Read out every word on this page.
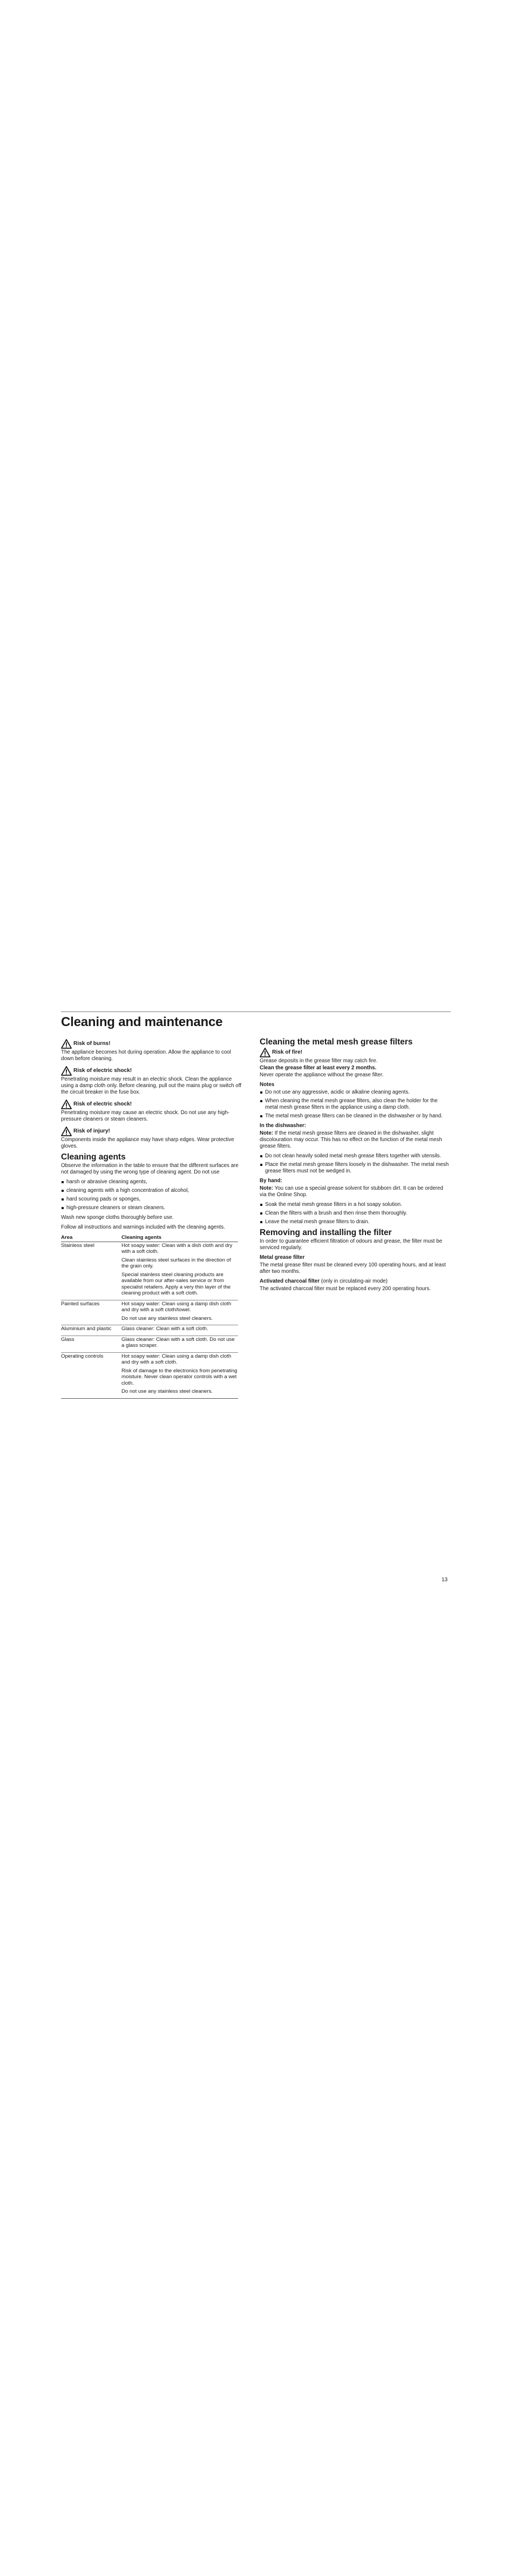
Cleaning and maintenance
Risk of burns!

The appliance becomes hot during operation. Allow the appliance to cool down before cleaning.

Risk of electric shock!

Penetrating moisture may result in an electric shock. Clean the appliance using a damp cloth only. Before cleaning, pull out the mains plug or switch off the circuit breaker in the fuse box.

Risk of electric shock!

Penetrating moisture may cause an electric shock. Do not use any high-pressure cleaners or steam cleaners.

Risk of injury!

Components inside the appliance may have sharp edges. Wear protective gloves.

Cleaning agents

Observe the information in the table to ensure that the different surfaces are not damaged by using the wrong type of cleaning agent. Do not use

harsh or abrasive cleaning agents,
cleaning agents with a high concentration of alcohol,
hard scouring pads or sponges,
high-pressure cleaners or steam cleaners.

Wash new sponge cloths thoroughly before use.

Follow all instructions and warnings included with the cleaning agents.

Area	Cleaning agents
Stainless steel	Hot soapy water: Clean with a dish cloth and dry with a soft cloth.
Clean stainless steel surfaces in the direction of the grain only.
Special stainless steel cleaning products are available from our after-sales service or from specialist retailers. Apply a very thin layer of the cleaning product with a soft cloth.

Painted surfaces	Hot soapy water: Clean using a damp dish cloth and dry with a soft cloth/towel.
Do not use any stainless steel cleaners.

Aluminium and plastic	Glass cleaner: Clean with a soft cloth.

Glass	Glass cleaner: Clean with a soft cloth. Do not use a glass scraper.

Operating controls	Hot soapy water: Clean using a damp dish cloth and dry with a soft cloth.
Risk of damage to the electronics from penetrating moisture. Never clean operator controls with a wet cloth.
Do not use any stainless steel cleaners.
Cleaning the metal mesh grease filters
Risk of fire!

Grease deposits in the grease filter may catch fire.

Clean the grease filter at least every 2 months.

Never operate the appliance without the grease filter.

Notes

Do not use any aggressive, acidic or alkaline cleaning agents.
When cleaning the metal mesh grease filters, also clean the holder for the metal mesh grease filters in the appliance using a damp cloth.
The metal mesh grease filters can be cleaned in the dishwasher or by hand.

In the dishwasher:

Note: If the metal mesh grease filters are cleaned in the dishwasher, slight discolouration may occur. This has no effect on the function of the metal mesh grease filters.

Do not clean heavily soiled metal mesh grease filters together with utensils.
Place the metal mesh grease filters loosely in the dishwasher. The metal mesh grease filters must not be wedged in.

By hand:

Note: You can use a special grease solvent for stubborn dirt. It can be ordered via the Online Shop.

Soak the metal mesh grease filters in a hot soapy solution.
Clean the filters with a brush and then rinse them thoroughly.
Leave the metal mesh grease filters to drain.
Removing and installing the filter

In order to guarantee efficient filtration of odours and grease, the filter must be serviced regularly.

Metal grease filter

The metal grease filter must be cleaned every 100 operating hours, and at least after two months.

Activated charcoal filter (only in circulating-air mode)

The activated charcoal filter must be replaced every 200 operating hours.

13
